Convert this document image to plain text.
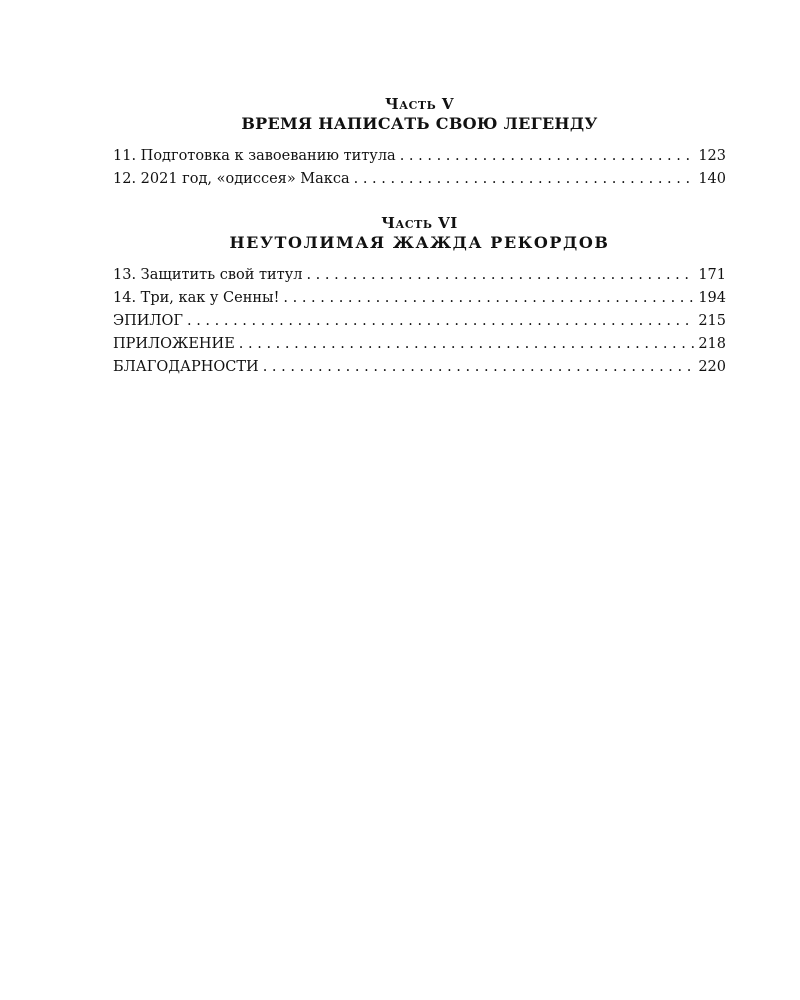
Часть V
ВРЕМЯ НАПИСАТЬ СВОЮ ЛЕГЕНДУ
11. Подготовка к завоеванию титула . . .	123
12. 2021 год, «одиссея» Макса . . .	140
Часть VI
НЕУТОЛИМАЯ ЖАЖДА РЕКОРДОВ
13. Защитить свой титул . . .	171
14. Три, как у Сенны! . . .	194
ЭПИЛОГ . . .	215
ПРИЛОЖЕНИЕ . . .	218
БЛАГОДАРНОСТИ . . .	220
